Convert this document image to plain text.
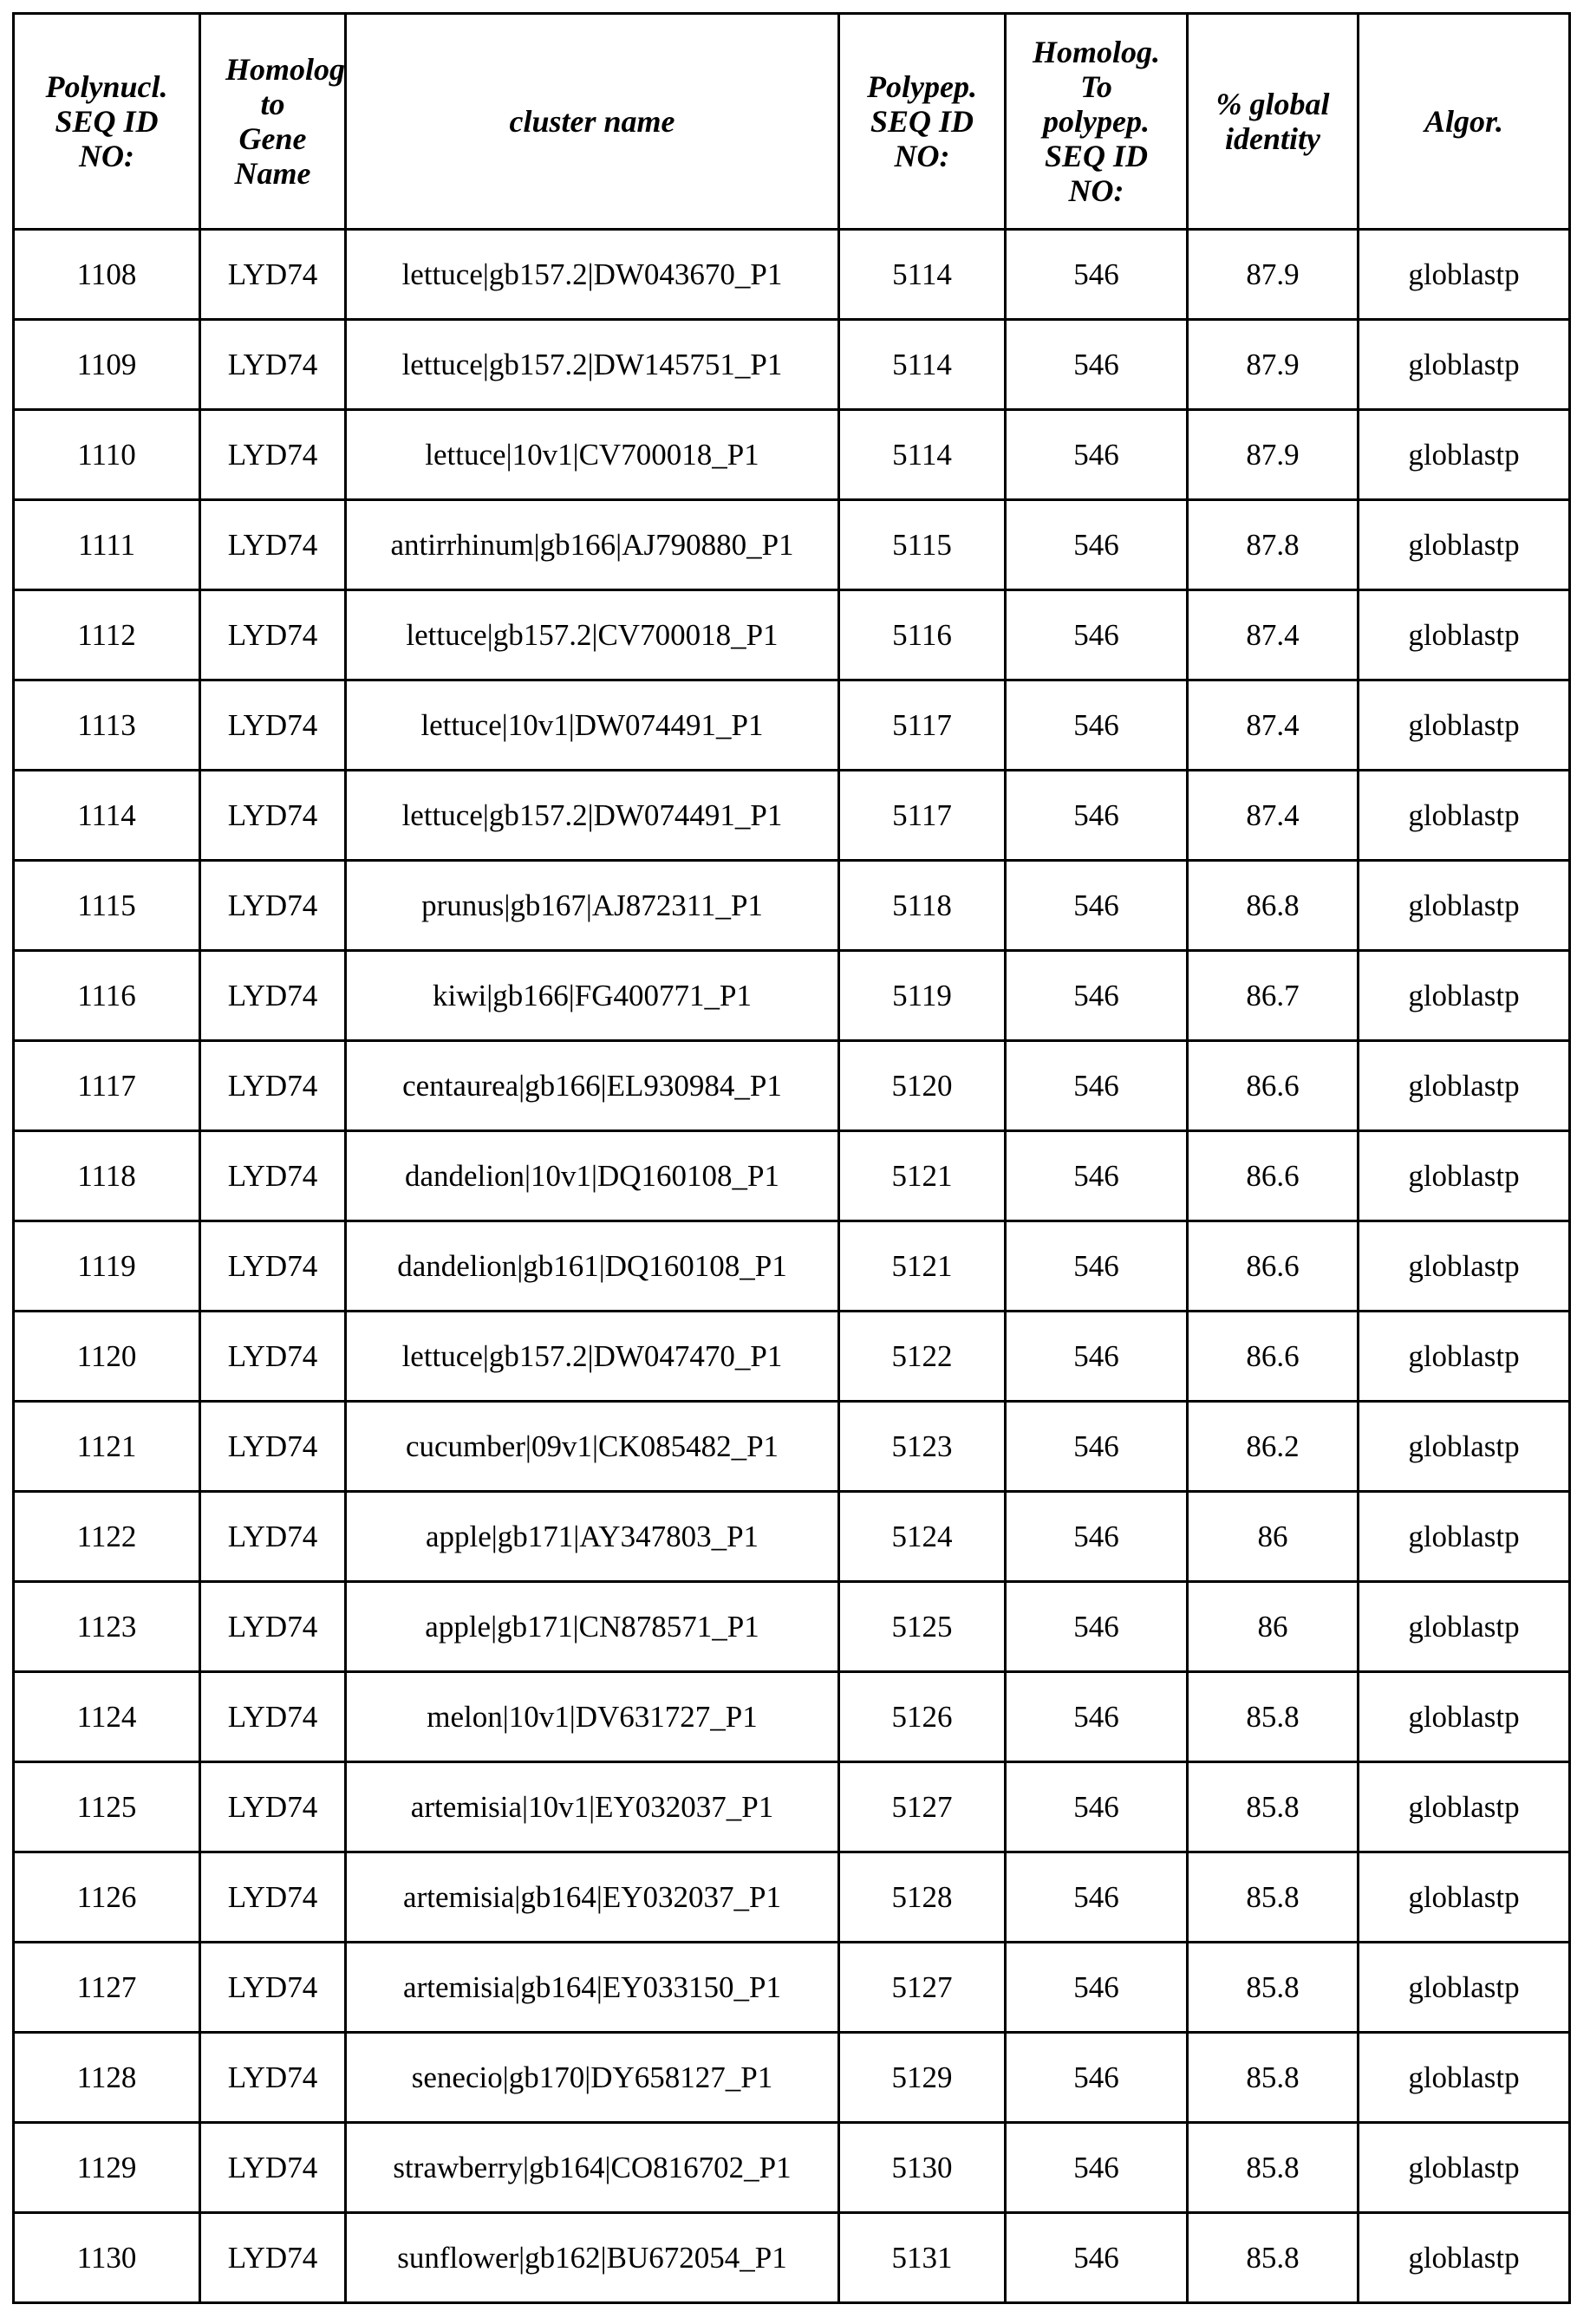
Polynucl. SEQ ID NO:	Homolog to Gene Name	cluster name	Polypep. SEQ ID NO:	Homolog. To polypep. SEQ ID NO:	% global identity	Algor.
1108	LYD74	lettuce|gb157.2|DW043670_P1	5114	546	87.9	globlastp
1109	LYD74	lettuce|gb157.2|DW145751_P1	5114	546	87.9	globlastp
1110	LYD74	lettuce|10v1|CV700018_P1	5114	546	87.9	globlastp
1111	LYD74	antirrhinum|gb166|AJ790880_P1	5115	546	87.8	globlastp
1112	LYD74	lettuce|gb157.2|CV700018_P1	5116	546	87.4	globlastp
1113	LYD74	lettuce|10v1|DW074491_P1	5117	546	87.4	globlastp
1114	LYD74	lettuce|gb157.2|DW074491_P1	5117	546	87.4	globlastp
1115	LYD74	prunus|gb167|AJ872311_P1	5118	546	86.8	globlastp
1116	LYD74	kiwi|gb166|FG400771_P1	5119	546	86.7	globlastp
1117	LYD74	centaurea|gb166|EL930984_P1	5120	546	86.6	globlastp
1118	LYD74	dandelion|10v1|DQ160108_P1	5121	546	86.6	globlastp
1119	LYD74	dandelion|gb161|DQ160108_P1	5121	546	86.6	globlastp
1120	LYD74	lettuce|gb157.2|DW047470_P1	5122	546	86.6	globlastp
1121	LYD74	cucumber|09v1|CK085482_P1	5123	546	86.2	globlastp
1122	LYD74	apple|gb171|AY347803_P1	5124	546	86	globlastp
1123	LYD74	apple|gb171|CN878571_P1	5125	546	86	globlastp
1124	LYD74	melon|10v1|DV631727_P1	5126	546	85.8	globlastp
1125	LYD74	artemisia|10v1|EY032037_P1	5127	546	85.8	globlastp
1126	LYD74	artemisia|gb164|EY032037_P1	5128	546	85.8	globlastp
1127	LYD74	artemisia|gb164|EY033150_P1	5127	546	85.8	globlastp
1128	LYD74	senecio|gb170|DY658127_P1	5129	546	85.8	globlastp
1129	LYD74	strawberry|gb164|CO816702_P1	5130	546	85.8	globlastp
1130	LYD74	sunflower|gb162|BU672054_P1	5131	546	85.8	globlastp
